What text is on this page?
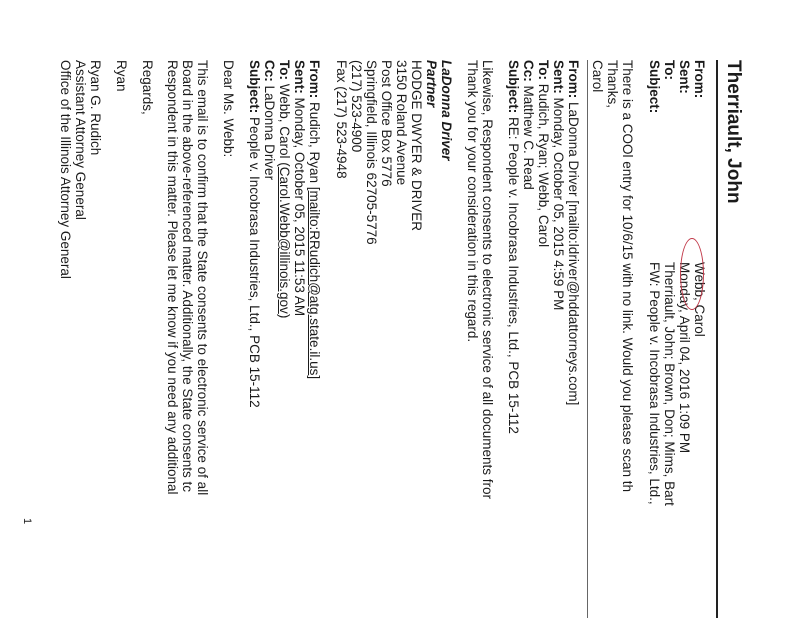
Therriault, John
From:
Sent:
To:
Subject:
Webb, Carol
Monday, April 04, 2016 1:09 PM
Therriault, John; Brown, Don; Mims, Bart
FW: People v. Incobrasa Industries, Ltd.,
There is a COOl entry for 10/6/15 with no link. Would you please scan th
Thanks,
Carol
From: LaDonna Driver [mailto:ldriver@hddattorneys.com]
Sent: Monday, October 05, 2015 4:59 PM
To: Rudich, Ryan; Webb, Carol
Cc: Matthew C. Read
Subject: RE: People v. Incobrasa Industries, Ltd., PCB 15-112
Likewise, Respondent consents to electronic service of all documents fror
Thank you for your consideration in this regard.
LaDonna Driver
Partner
HODGE DWYER & DRIVER
3150 Roland Avenue
Post Office Box 5776
Springfield, Illinois 62705-5776
(217) 523-4900
Fax (217) 523-4948
From: Rudich, Ryan [mailto:RRudich@atg.state.il.us]
Sent: Monday, October 05, 2015 11:53 AM
To: Webb, Carol (Carol.Webb@illinois.gov)
Cc: LaDonna Driver
Subject: People v. Incobrasa Industries, Ltd., PCB 15-112
Dear Ms. Webb:
This email is to confirm that the State consents to electronic service of all
Board in the above-referenced matter. Additionally, the State consents tc
Respondent in this matter. Please let me know if you need any additional
Regards,
Ryan
Ryan G. Rudich
Assistant Attorney General
Office of the Illinois Attorney General
1
